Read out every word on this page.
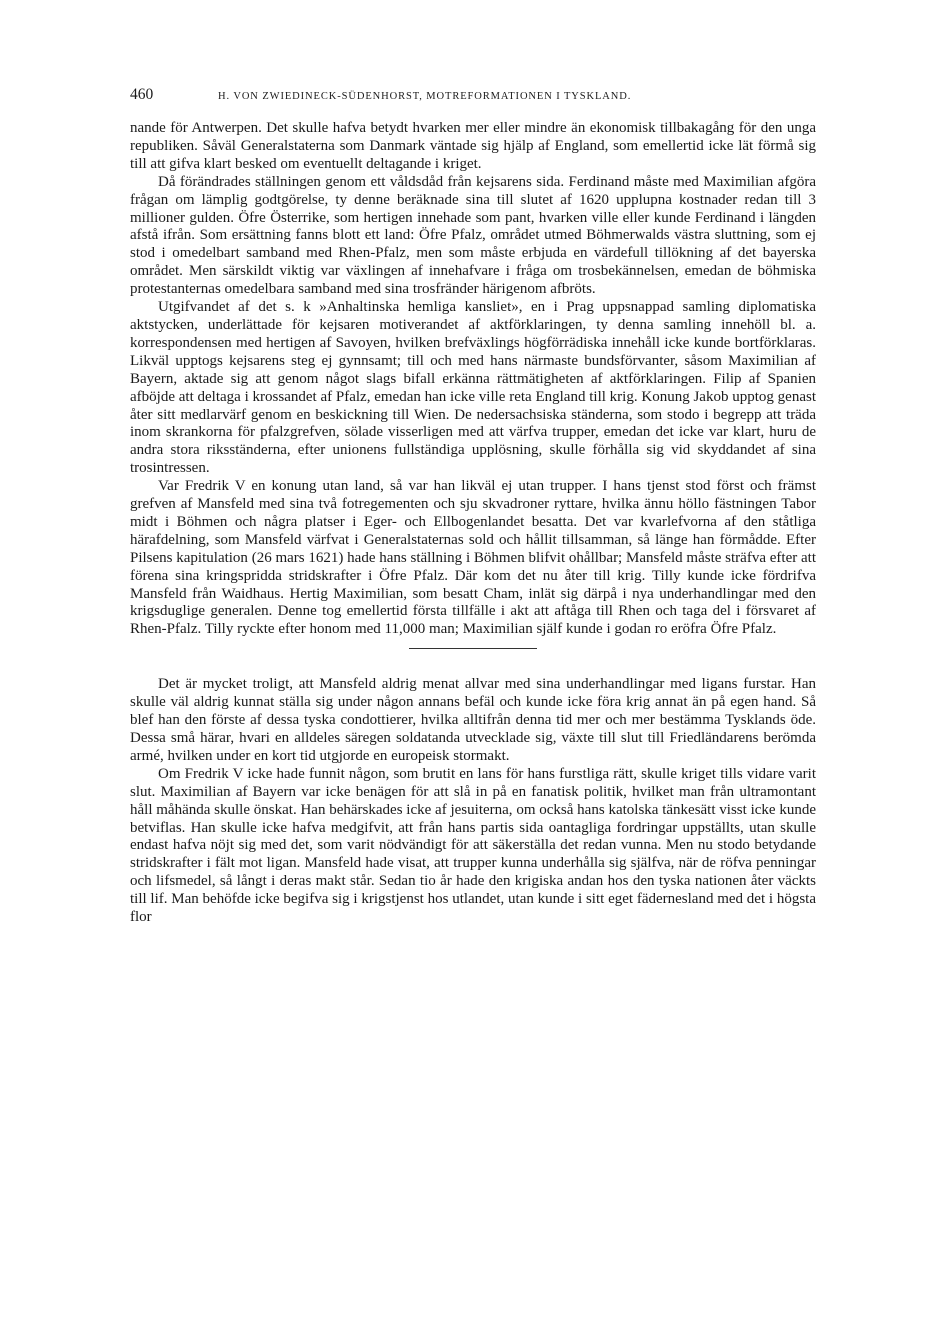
460	H. VON ZWIEDINECK-SÜDENHORST, MOTREFORMATIONEN I TYSKLAND.

nande för Antwerpen. Det skulle hafva betydt hvarken mer eller mindre än ekonomisk tillbakagång för den unga republiken. Såväl Generalstaterna som Danmark väntade sig hjälp af England, som emellertid icke lät förmå sig till att gifva klart besked om eventuellt deltagande i kriget.

Då förändrades ställningen genom ett våldsdåd från kejsarens sida. Ferdinand måste med Maximilian afgöra frågan om lämplig godtgörelse, ty denne beräknade sina till slutet af 1620 upplupna kostnader redan till 3 millioner gulden. Öfre Österrike, som hertigen innehade som pant, hvarken ville eller kunde Ferdinand i längden afstå ifrån. Som ersättning fanns blott ett land: Öfre Pfalz, området utmed Böhmerwalds västra sluttning, som ej stod i omedelbart samband med Rhen-Pfalz, men som måste erbjuda en värdefull tillökning af det bayerska området. Men särskildt viktig var växlingen af innehafvare i fråga om trosbekännelsen, emedan de böhmiska protestanternas omedelbara samband med sina trosfränder härigenom afbröts.

Utgifvandet af det s. k »Anhaltinska hemliga kansliet», en i Prag uppsnappad samling diplomatiska aktstycken, underlättade för kejsaren motiverandet af aktförklaringen, ty denna samling innehöll bl. a. korrespondensen med hertigen af Savoyen, hvilken brefväxlings högförrädiska innehåll icke kunde bortförklaras. Likväl upptogs kejsarens steg ej gynnsamt; till och med hans närmaste bundsförvanter, såsom Maximilian af Bayern, aktade sig att genom något slags bifall erkänna rättmätigheten af aktförklaringen. Filip af Spanien afböjde att deltaga i krossandet af Pfalz, emedan han icke ville reta England till krig. Konung Jakob upptog genast åter sitt medlarvärf genom en beskickning till Wien. De nedersachsiska ständerna, som stodo i begrepp att träda inom skrankorna för pfalzgrefven, sölade visserligen med att värfva trupper, emedan det icke var klart, huru de andra stora riksständerna, efter unionens fullständiga upplösning, skulle förhålla sig vid skyddandet af sina trosintressen.

Var Fredrik V en konung utan land, så var han likväl ej utan trupper. I hans tjenst stod först och främst grefven af Mansfeld med sina två fotregementen och sju skvadroner ryttare, hvilka ännu höllo fästningen Tabor midt i Böhmen och några platser i Eger- och Ellbogenlandet besatta. Det var kvarlefvorna af den ståtliga härafdelning, som Mansfeld värfvat i Generalstaternas sold och hållit tillsamman, så länge han förmådde. Efter Pilsens kapitulation (26 mars 1621) hade hans ställning i Böhmen blifvit ohållbar; Mansfeld måste sträfva efter att förena sina kringspridda stridskrafter i Öfre Pfalz. Där kom det nu åter till krig. Tilly kunde icke fördrifva Mansfeld från Waidhaus. Hertig Maximilian, som besatt Cham, inlät sig därpå i nya underhandlingar med den krigsduglige generalen. Denne tog emellertid första tillfälle i akt att aftåga till Rhen och taga del i försvaret af Rhen-Pfalz. Tilly ryckte efter honom med 11,000 man; Maximilian själf kunde i godan ro eröfra Öfre Pfalz.

Det är mycket troligt, att Mansfeld aldrig menat allvar med sina underhandlingar med ligans furstar. Han skulle väl aldrig kunnat ställa sig under någon annans befäl och kunde icke föra krig annat än på egen hand. Så blef han den förste af dessa tyska condottierer, hvilka alltifrån denna tid mer och mer bestämma Tysklands öde. Dessa små härar, hvari en alldeles säregen soldatanda utvecklade sig, växte till slut till Friedländarens berömda armé, hvilken under en kort tid utgjorde en europeisk stormakt.

Om Fredrik V icke hade funnit någon, som brutit en lans för hans furstliga rätt, skulle kriget tills vidare varit slut. Maximilian af Bayern var icke benägen för att slå in på en fanatisk politik, hvilket man från ultramontant håll måhända skulle önskat. Han behärskades icke af jesuiterna, om också hans katolska tänkesätt visst icke kunde betviflas. Han skulle icke hafva medgifvit, att från hans partis sida oantagliga fordringar uppställts, utan skulle endast hafva nöjt sig med det, som varit nödvändigt för att säkerställa det redan vunna. Men nu stodo betydande stridskrafter i fält mot ligan. Mansfeld hade visat, att trupper kunna underhålla sig själfva, när de röfva penningar och lifsmedel, så långt i deras makt står. Sedan tio år hade den krigiska andan hos den tyska nationen åter väckts till lif. Man behöfde icke begifva sig i krigstjenst hos utlandet, utan kunde i sitt eget fädernesland med det i högsta flor
